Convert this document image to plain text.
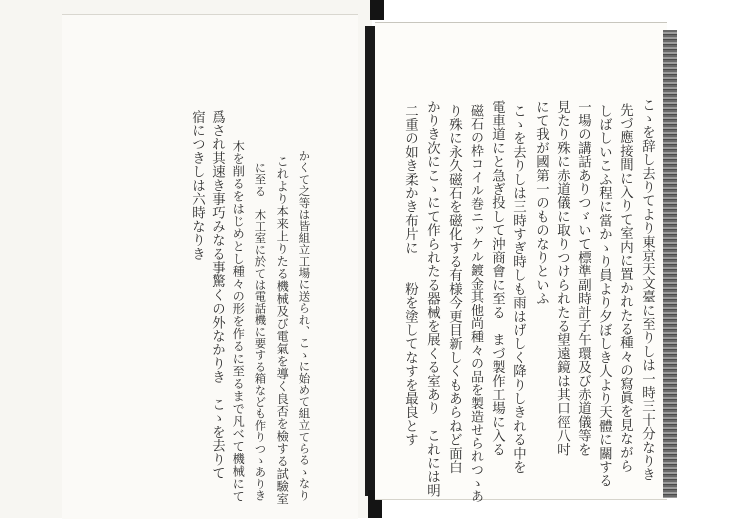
かくて之等は皆組立工場に送られ、こゝに始めて組立てらるゝなり
これより本来上りたる機械及び電氣を導く良否を檢する試驗室
に至る　木工室に於ては電話機に要する箱なども作りつゝありき
木を削るをはじめとし種々の形を作るに至るまで凡べて機械にて
爲され其速き事巧みなる事驚くの外なかりき　こゝを去りて
宿につきしは六時なりき	こゝを辞し去りてより東京天文臺に至りしは一時三十分なりき
先づ應接間に入りて室内に置かれたる種々の寫眞を見ながら
しばしいこふ程に當かゝり員より夕ぼしき人より天體に關する
一場の講話ありつゞいて標準副時計子午環及び赤道儀等を
見たり殊に赤道儀に取りつけられたる望遠鏡は其口徑八吋
にて我が國第一のものなりといふ
こゝを去りしは三時すぎ時しも雨はげしく降りしきれる中を
電車道にと急ぎ投して沖商會に至る　まづ製作工場に入る
磁石の枠コイル巻ニッケル鍍金其他尚種々の品を製造せられつゝあ
り殊に永久磁石を磁化する有様今更目新しくもあらねど面白
かりき次にこゝにて作られたる器械を展くる室あり　これには明
二重の如き柔かき布片に　　粉を塗してなすを最良とす
